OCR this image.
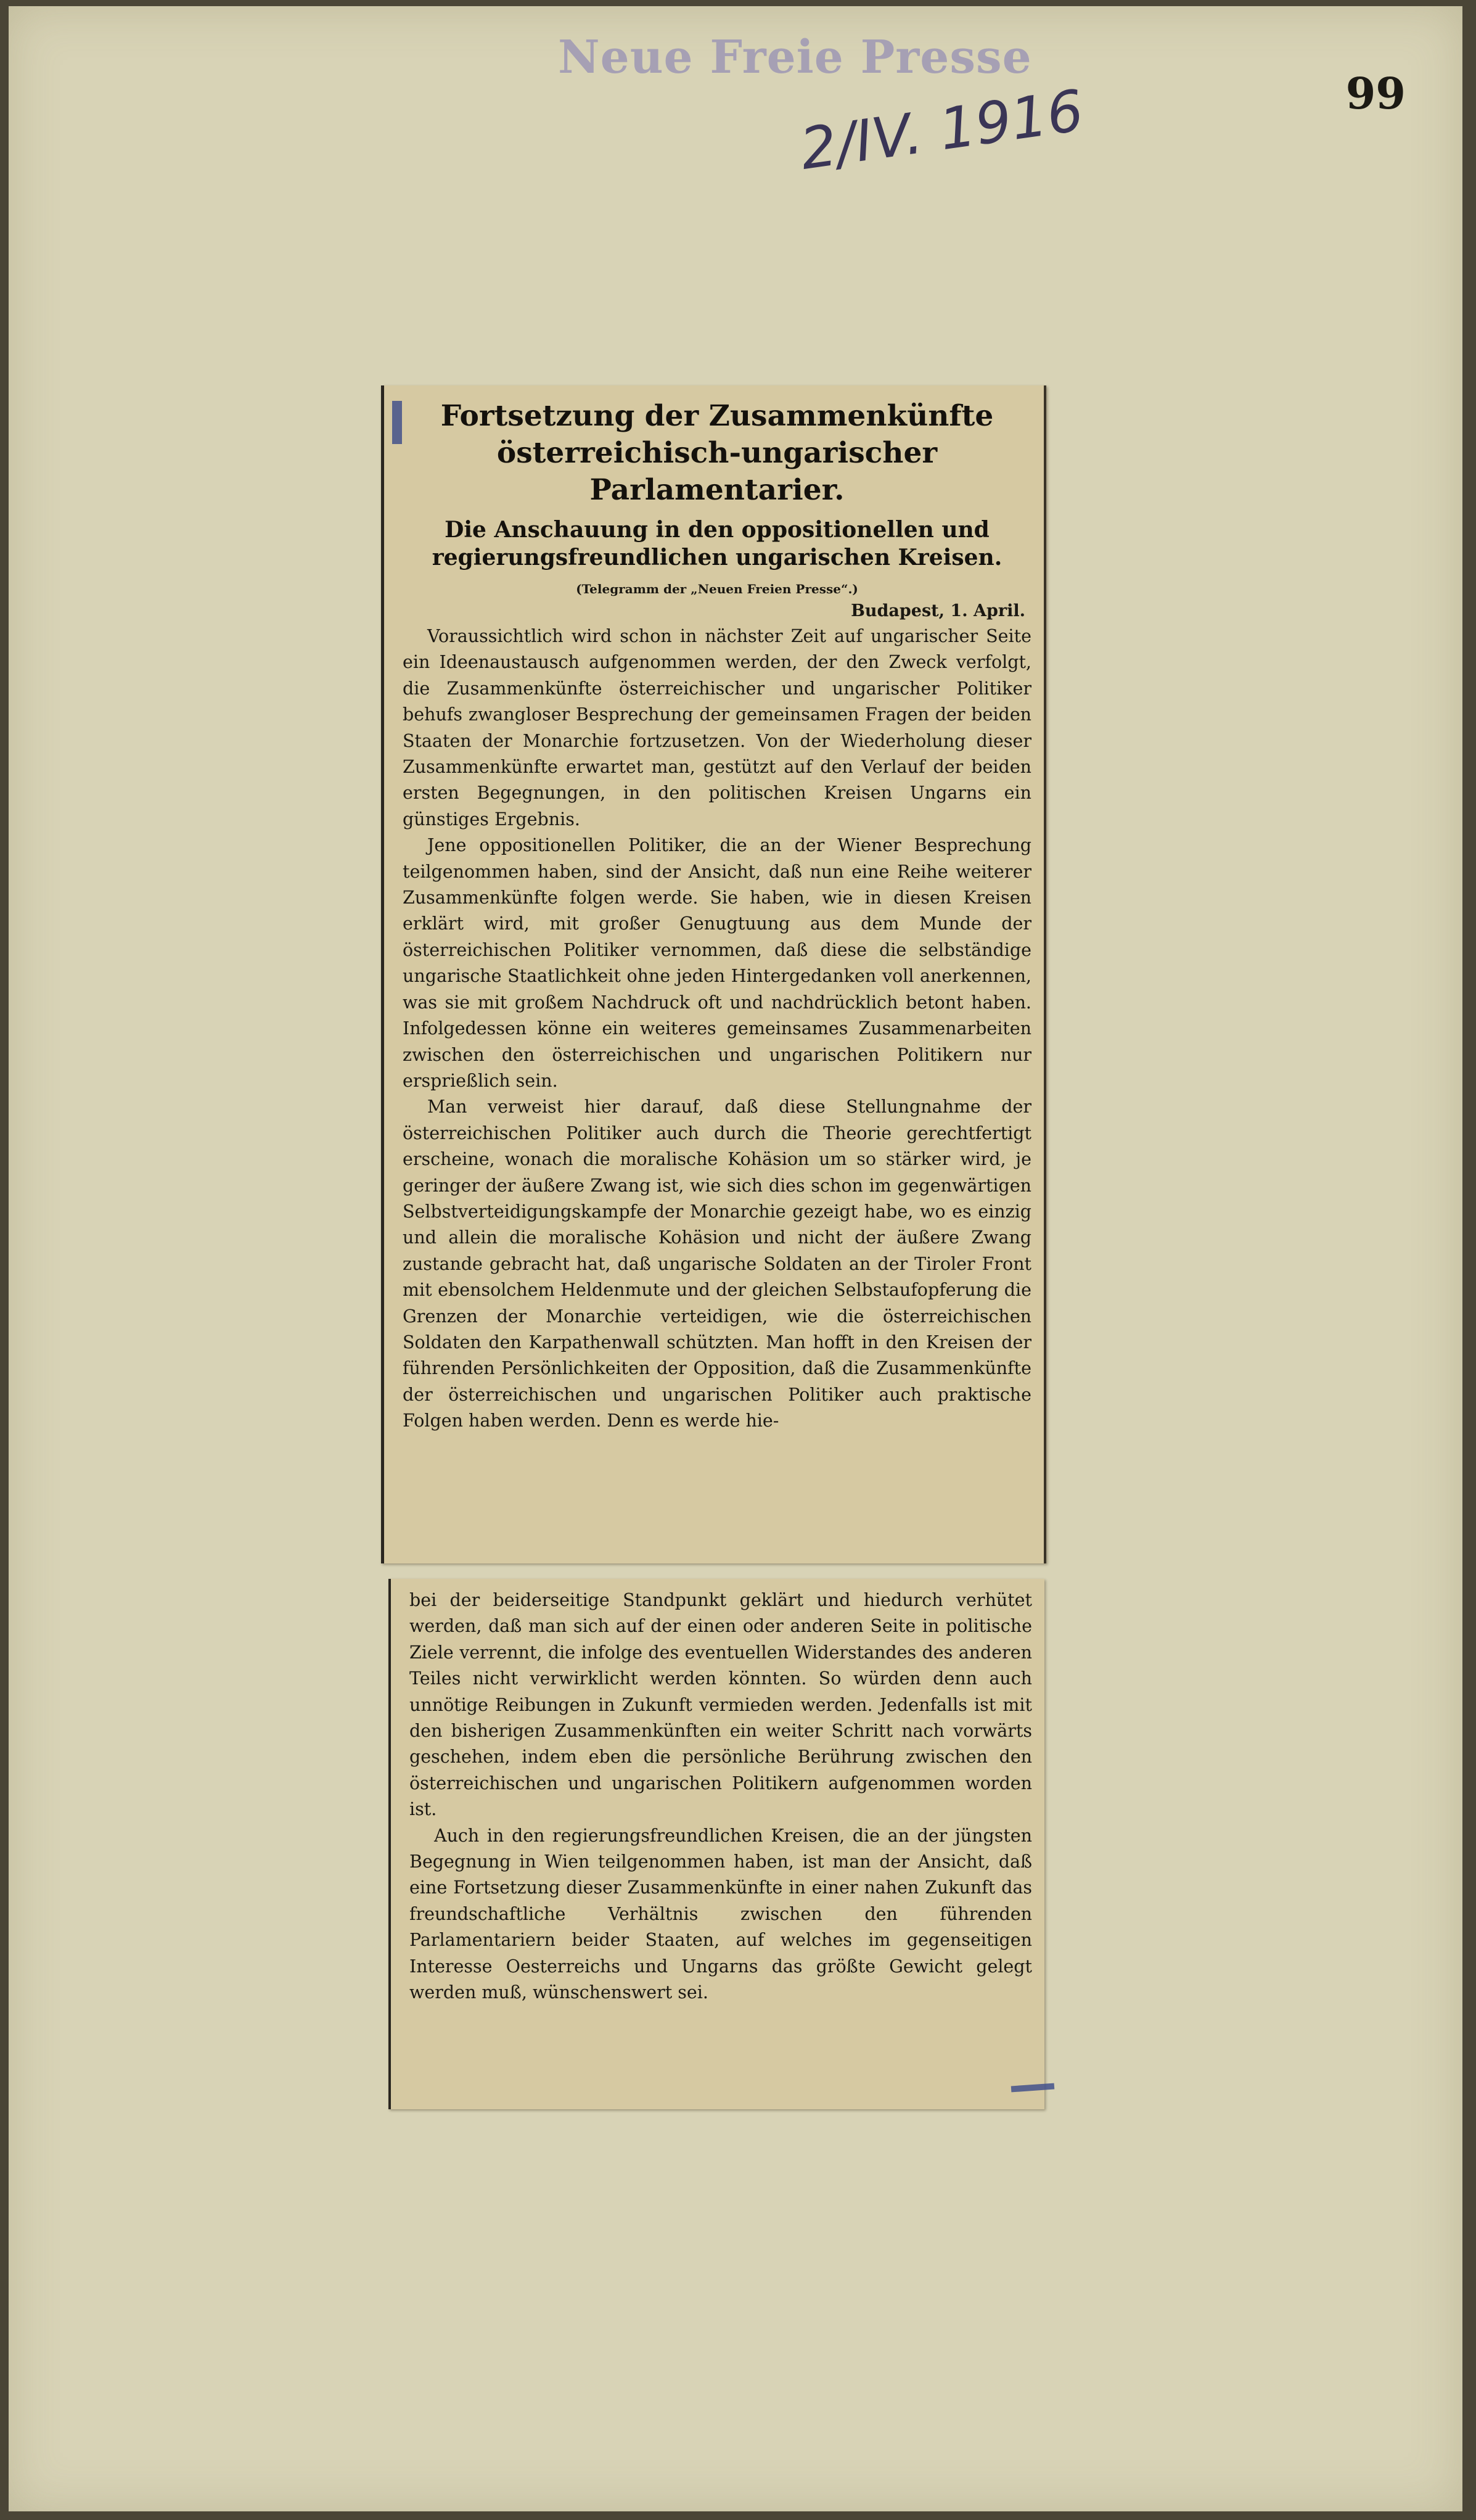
Neue Freie Presse
2/IV. 1916	99
Fortsetzung der Zusammenkünfte österreichisch-ungarischer Parlamentarier.
Die Anschauung in den oppositionellen und regierungsfreundlichen ungarischen Kreisen.
(Telegramm der „Neuen Freien Presse“.)
Budapest, 1. April.

Voraussichtlich wird schon in nächster Zeit auf ungarischer Seite ein Ideenaustausch aufgenommen werden, der den Zweck verfolgt, die Zusammenkünfte österreichischer und ungarischer Politiker behufs zwangloser Besprechung der gemeinsamen Fragen der beiden Staaten der Monarchie fortzusetzen. Von der Wiederholung dieser Zusammenkünfte erwartet man, gestützt auf den Verlauf der beiden ersten Begegnungen, in den politischen Kreisen Ungarns ein günstiges Ergebnis.

Jene oppositionellen Politiker, die an der Wiener Besprechung teilgenommen haben, sind der Ansicht, daß nun eine Reihe weiterer Zusammenkünfte folgen werde. Sie haben, wie in diesen Kreisen erklärt wird, mit großer Genugtuung aus dem Munde der österreichischen Politiker vernommen, daß diese die selbständige ungarische Staatlichkeit ohne jeden Hintergedanken voll anerkennen, was sie mit großem Nachdruck oft und nachdrücklich betont haben. Infolgedessen könne ein weiteres gemeinsames Zusammenarbeiten zwischen den österreichischen und ungarischen Politikern nur ersprießlich sein.

Man verweist hier darauf, daß diese Stellungnahme der österreichischen Politiker auch durch die Theorie gerechtfertigt erscheine, wonach die moralische Kohäsion um so stärker wird, je geringer der äußere Zwang ist, wie sich dies schon im gegenwärtigen Selbstverteidigungskampfe der Monarchie gezeigt habe, wo es einzig und allein die moralische Kohäsion und nicht der äußere Zwang zustande gebracht hat, daß ungarische Soldaten an der Tiroler Front mit ebensolchem Heldenmute und der gleichen Selbstaufopferung die Grenzen der Monarchie verteidigen, wie die österreichischen Soldaten den Karpathenwall schützten. Man hofft in den Kreisen der führenden Persönlichkeiten der Opposition, daß die Zusammenkünfte der österreichischen und ungarischen Politiker auch praktische Folgen haben werden. Denn es werde hie-

bei der beiderseitige Standpunkt geklärt und hiedurch verhütet werden, daß man sich auf der einen oder anderen Seite in politische Ziele verrennt, die infolge des eventuellen Widerstandes des anderen Teiles nicht verwirklicht werden könnten. So würden denn auch unnötige Reibungen in Zukunft vermieden werden. Jedenfalls ist mit den bisherigen Zusammenkünften ein weiter Schritt nach vorwärts geschehen, indem eben die persönliche Berührung zwischen den österreichischen und ungarischen Politikern aufgenommen worden ist.

Auch in den regierungsfreundlichen Kreisen, die an der jüngsten Begegnung in Wien teilgenommen haben, ist man der Ansicht, daß eine Fortsetzung dieser Zusammenkünfte in einer nahen Zukunft das freundschaftliche Verhältnis zwischen den führenden Parlamentariern beider Staaten, auf welches im gegenseitigen Interesse Oesterreichs und Ungarns das größte Gewicht gelegt werden muß, wünschenswert sei.
